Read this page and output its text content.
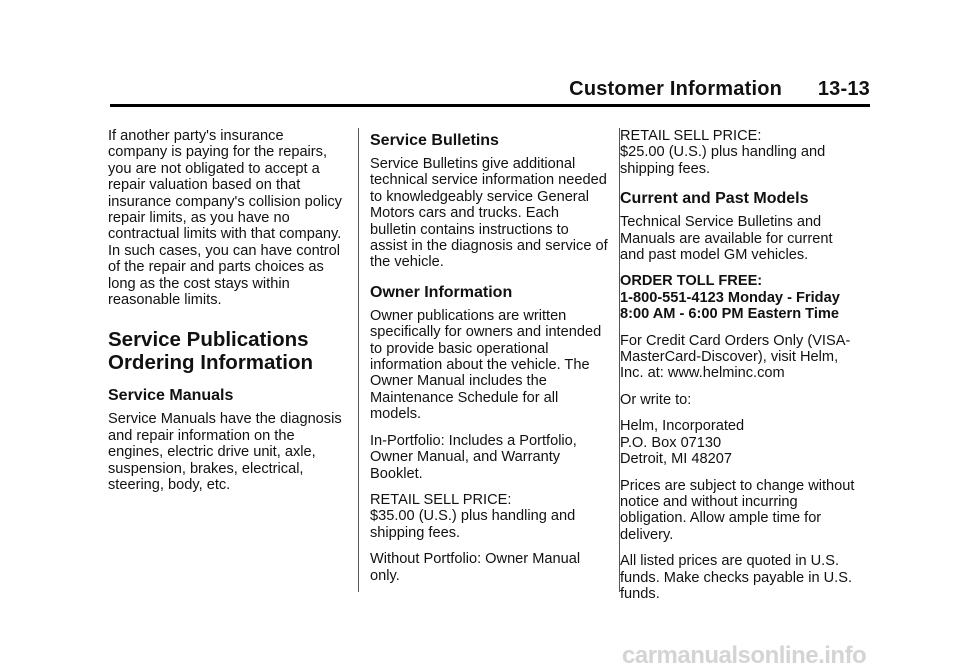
Customer Information 13-13

If another party's insurance company is paying for the repairs, you are not obligated to accept a repair valuation based on that insurance company's collision policy repair limits, as you have no contractual limits with that company. In such cases, you can have control of the repair and parts choices as long as the cost stays within reasonable limits.

Service Publications
Ordering Information
Service Manuals

Service Manuals have the diagnosis and repair information on the engines, electric drive unit, axle, suspension, brakes, electrical, steering, body, etc.

Service Bulletins

Service Bulletins give additional technical service information needed to knowledgeably service General Motors cars and trucks. Each bulletin contains instructions to assist in the diagnosis and service of the vehicle.

Owner Information

Owner publications are written specifically for owners and intended to provide basic operational information about the vehicle. The Owner Manual includes the Maintenance Schedule for all models.

In-Portfolio: Includes a Portfolio, Owner Manual, and Warranty Booklet.

RETAIL SELL PRICE:
$35.00 (U.S.) plus handling and shipping fees.

Without Portfolio: Owner Manual only.

RETAIL SELL PRICE:
$25.00 (U.S.) plus handling and shipping fees.

Current and Past Models

Technical Service Bulletins and Manuals are available for current and past model GM vehicles.

ORDER TOLL FREE:
1-800-551-4123 Monday - Friday
8:00 AM - 6:00 PM Eastern Time

For Credit Card Orders Only (VISA-MasterCard-Discover), visit Helm, Inc. at: www.helminc.com

Or write to:

Helm, Incorporated
P.O. Box 07130
Detroit, MI 48207

Prices are subject to change without notice and without incurring obligation. Allow ample time for delivery.

All listed prices are quoted in U.S. funds. Make checks payable in U.S. funds.

carmanualsonline.info
